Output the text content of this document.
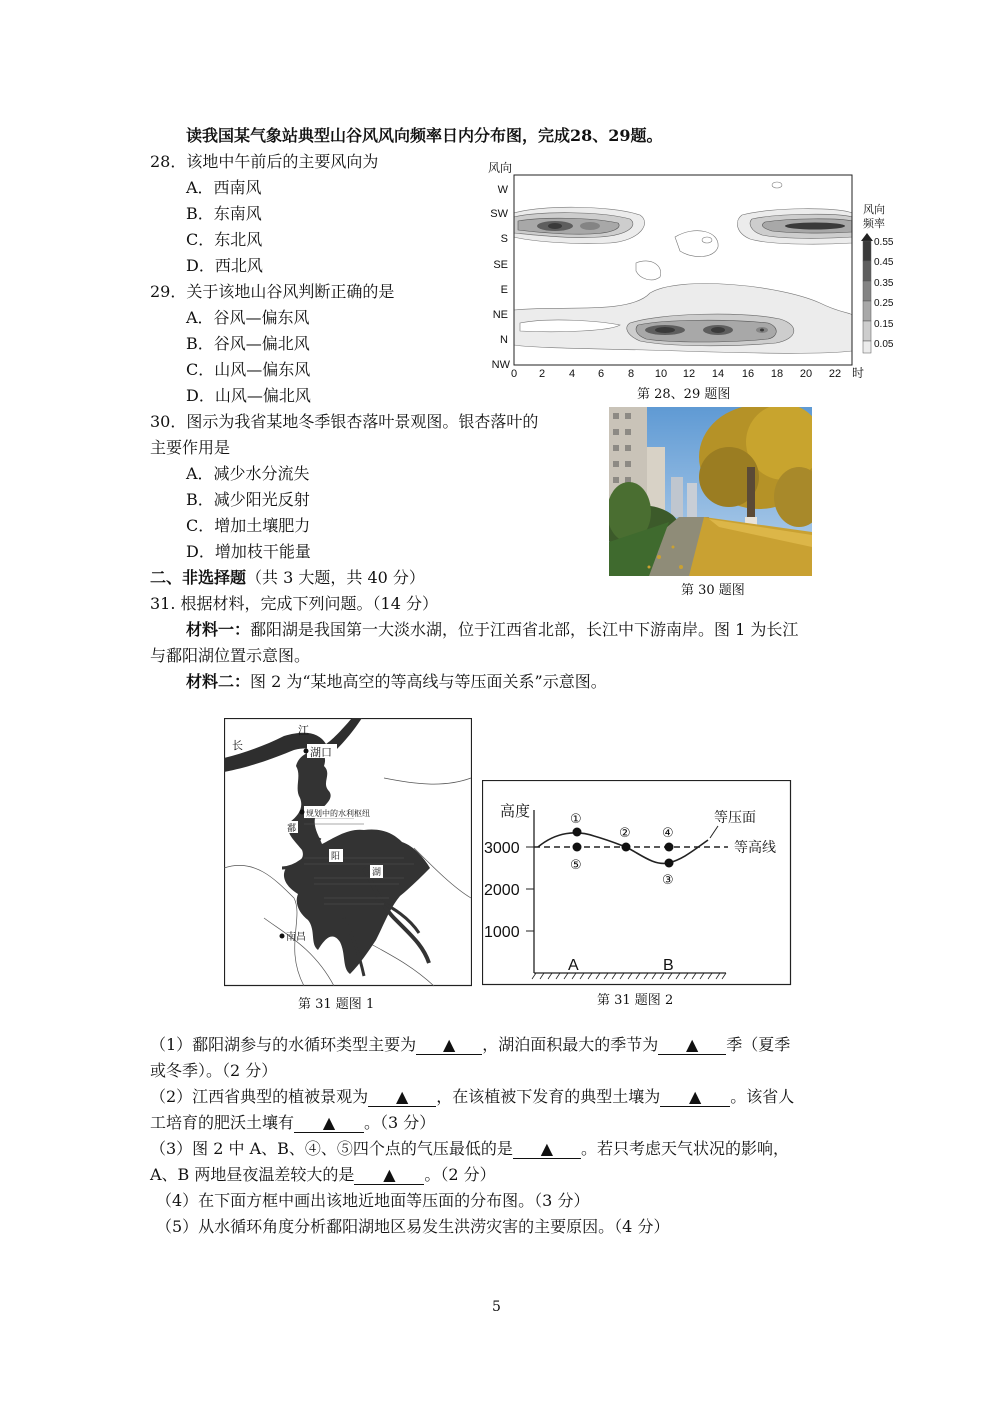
读我国某气象站典型山谷风风向频率日内分布图，完成28、29题。
28．该地中午前后的主要风向为
A．西南风
B．东南风
C．东北风
D．西北风
29．关于该地山谷风判断正确的是
A．谷风—偏东风
B．谷风—偏北风
C．山风—偏东风
D．山风—偏北风
风向
W
SW
S
SE
E
NE
N
NW
0 2 4 6 8 10 12 14 16 18 20 22 时
风向
频率
0.55
0.45
0.35
0.25
0.15
0.05
第 28、29 题图
30．图示为我省某地冬季银杏落叶景观图。银杏落叶的
主要作用是
A．减少水分流失
B．减少阳光反射
C．增加土壤肥力
D．增加枝干能量
第 30 题图
二、非选择题（共 3 大题，共 40 分）
31. 根据材料，完成下列问题。（14 分）
材料一：鄱阳湖是我国第一大淡水湖，位于江西省北部，长江中下游南岸。图 1 为长江
与鄱阳湖位置示意图。
材料二：图 2 为“某地高空的等高线与等压面关系”示意图。
江
长
湖口
规划中的水利枢纽
鄱
阳
湖
南昌
第 31 题图 1
高度
3000
2000
1000
等压面
等高线
①
⑤
② ④
③
A	B
第 31 题图 2
（1）鄱阳湖参与的水循环类型主要为 ▲ ，湖泊面积最大的季节为 ▲ 季（夏季
或冬季）。（2 分）
（2）江西省典型的植被景观为 ▲ ，在该植被下发育的典型土壤为 ▲ 。该省人
工培育的肥沃土壤有 ▲ 。（3 分）
（3）图 2 中 A、B、④、⑤四个点的气压最低的是 ▲ 。若只考虑天气状况的影响，
A、B 两地昼夜温差较大的是 ▲ 。（2 分）
（4）在下面方框中画出该地近地面等压面的分布图。（3 分）
（5）从水循环角度分析鄱阳湖地区易发生洪涝灾害的主要原因。（4 分）
5
